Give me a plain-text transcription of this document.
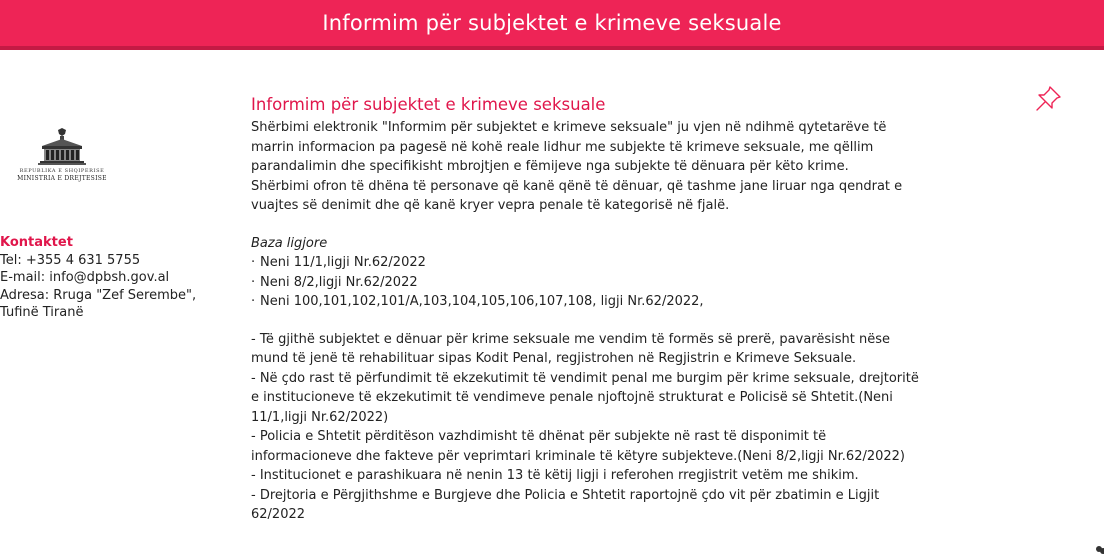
Informim për subjektet e krimeve seksuale
REPUBLIKA E SHQIPERISE
MINISTRIA E DREJTESISE
Kontaktet
Tel: +355 4 631 5755
E-mail: info@dpbsh.gov.al
Adresa: Rruga "Zef Serembe",
Tufinë Tiranë
Informim për subjektet e krimeve seksuale

Shërbimi elektronik "Informim për subjektet e krimeve seksuale" ju vjen në ndihmë qytetarëve të

marrin informacion pa pagesë në kohë reale lidhur me subjekte të krimeve seksuale, me qëllim

parandalimin dhe specifikisht mbrojtjen e fëmijeve nga subjekte të dënuara për këto krime.

Shërbimi ofron të dhëna të personave që kanë qënë të dënuar, që tashme jane liruar nga qendrat e

vuajtes së denimit dhe që kanë kryer vepra penale të kategorisë në fjalë.

Baza ligjore

· Neni 11/1,ligji Nr.62/2022

· Neni 8/2,ligji Nr.62/2022

· Neni 100,101,102,101/A,103,104,105,106,107,108, ligji Nr.62/2022,

- Të gjithë subjektet e dënuar për krime seksuale me vendim të formës së prerë, pavarësisht nëse

mund të jenë të rehabilituar sipas Kodit Penal, regjistrohen në Regjistrin e Krimeve Seksuale.

- Në çdo rast të përfundimit të ekzekutimit të vendimit penal me burgim për krime seksuale, drejtoritë

e institucioneve të ekzekutimit të vendimeve penale njoftojnë strukturat e Policisë së Shtetit.(Neni

11/1,ligji Nr.62/2022)

- Policia e Shtetit përditëson vazhdimisht të dhënat për subjekte në rast të disponimit të

informacioneve dhe fakteve për veprimtari kriminale të këtyre subjekteve.(Neni 8/2,ligji Nr.62/2022)

- Institucionet e parashikuara në nenin 13 të këtij ligji i referohen rregjistrit vetëm me shikim.

- Drejtoria e Përgjithshme e Burgjeve dhe Policia e Shtetit raportojnë çdo vit për zbatimin e Ligjit

62/2022
